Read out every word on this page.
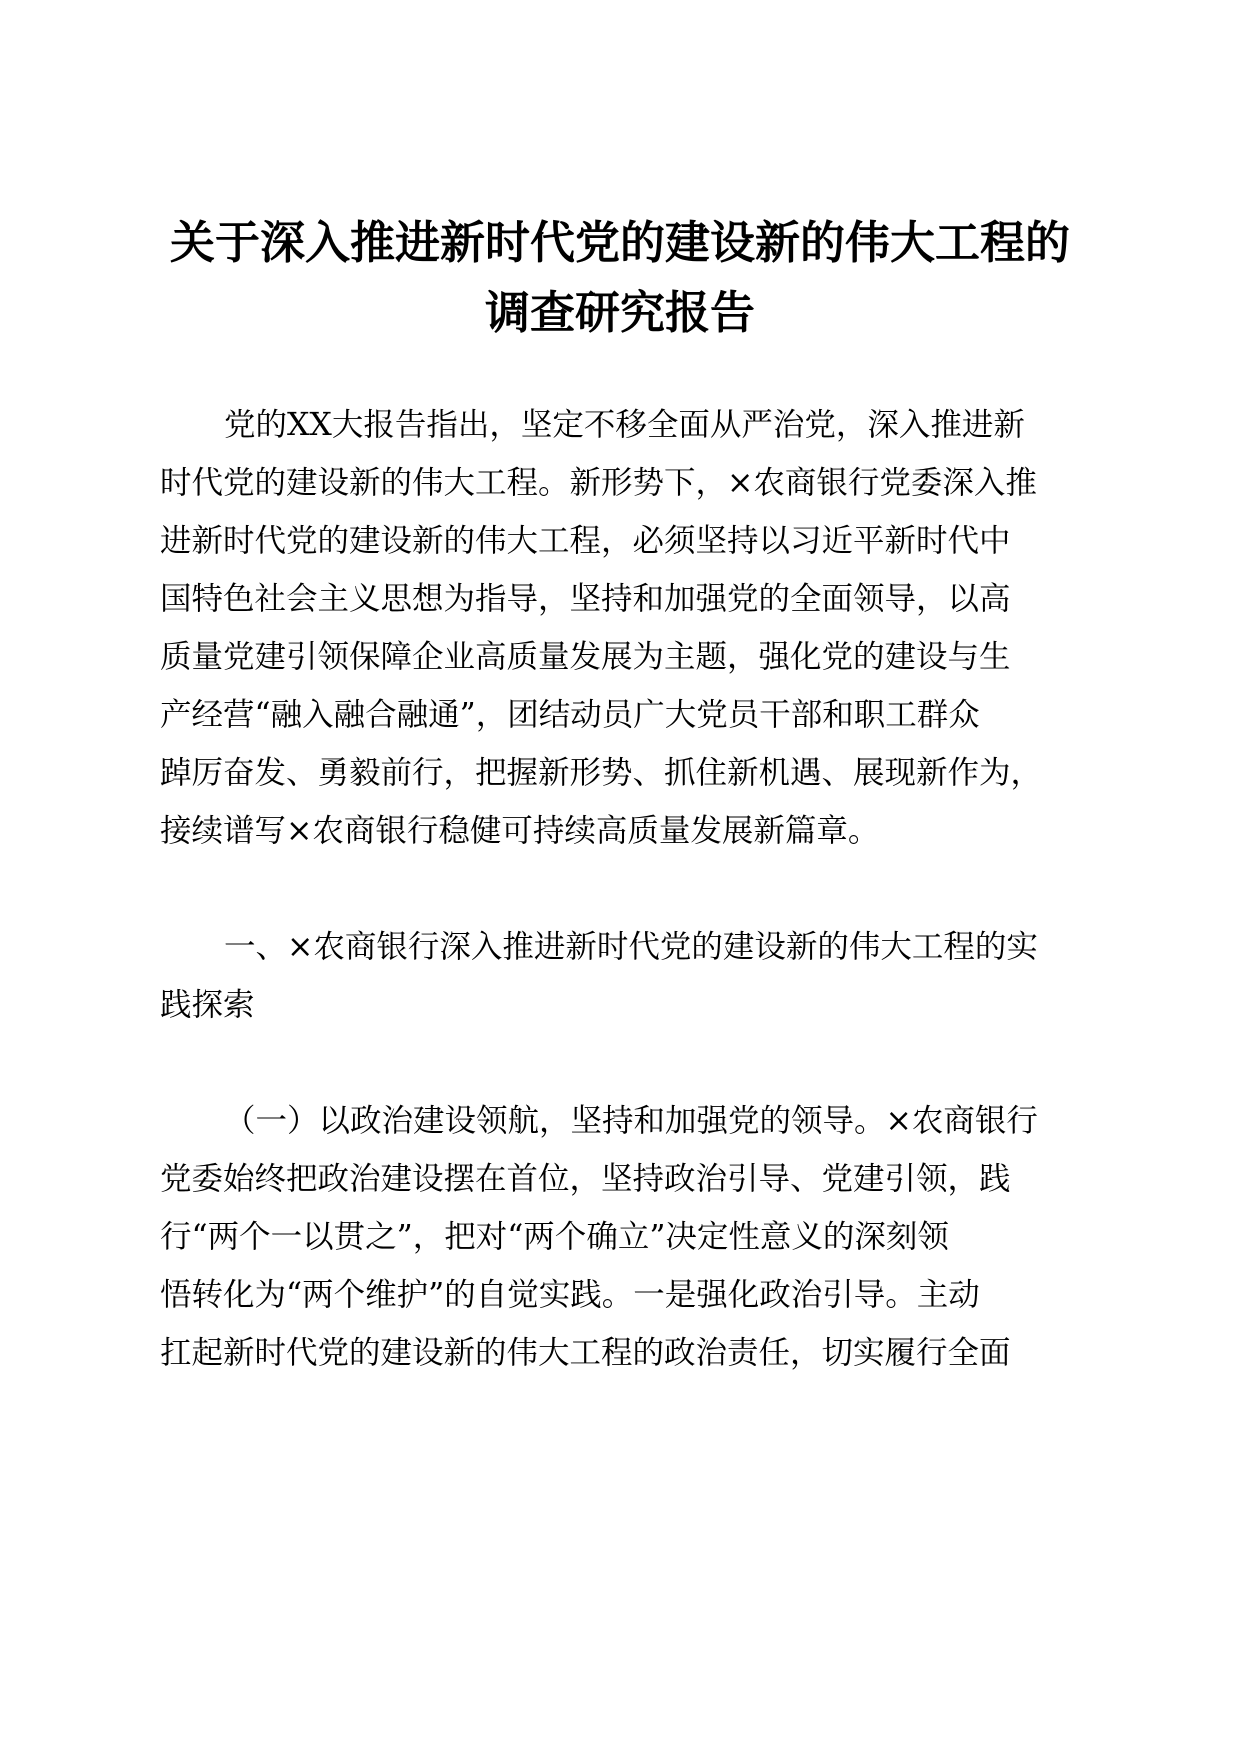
关于深入推进新时代党的建设新的伟大工程的
调查研究报告

党的XX大报告指出，坚定不移全面从严治党，深入推进新

时代党的建设新的伟大工程。新形势下，×农商银行党委深入推

进新时代党的建设新的伟大工程，必须坚持以习近平新时代中

国特色社会主义思想为指导，坚持和加强党的全面领导，以高

质量党建引领保障企业高质量发展为主题，强化党的建设与生

产经营“融入融合融通”，团结动员广大党员干部和职工群众

踔厉奋发、勇毅前行，把握新形势、抓住新机遇、展现新作为，

接续谱写×农商银行稳健可持续高质量发展新篇章。

一、×农商银行深入推进新时代党的建设新的伟大工程的实

践探索

（一）以政治建设领航，坚持和加强党的领导。×农商银行

党委始终把政治建设摆在首位，坚持政治引导、党建引领，践

行“两个一以贯之”，把对“两个确立”决定性意义的深刻领

悟转化为“两个维护”的自觉实践。一是强化政治引导。主动

扛起新时代党的建设新的伟大工程的政治责任，切实履行全面
